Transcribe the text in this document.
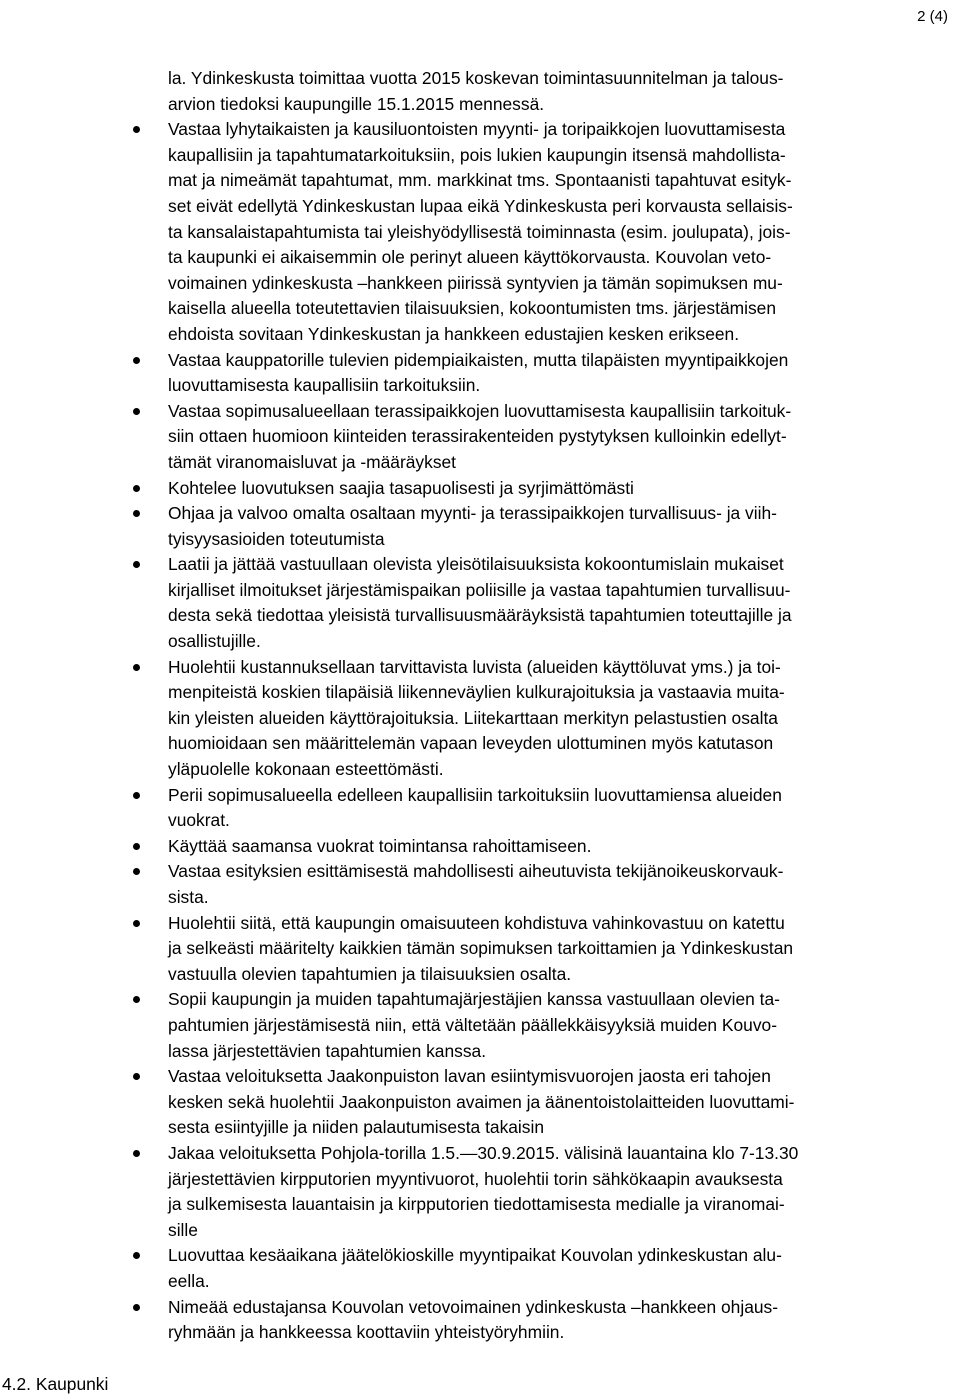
2 (4)
la. Ydinkeskusta toimittaa vuotta 2015 koskevan toimintasuunnitelman ja talous-
arvion tiedoksi kaupungille 15.1.2015 mennessä.
Vastaa lyhytaikaisten ja kausiluontoisten myynti- ja toripaikkojen luovuttamisesta
kaupallisiin ja tapahtumatarkoituksiin, pois lukien kaupungin itsensä mahdollista-
mat ja nimeämät tapahtumat, mm. markkinat tms. Spontaanisti tapahtuvat esityk-
set eivät edellytä Ydinkeskustan lupaa eikä Ydinkeskusta peri korvausta sellaisis-
ta kansalaistapahtumista tai yleishyödyllisestä toiminnasta (esim. joulupata), jois-
ta kaupunki ei aikaisemmin ole perinyt alueen käyttökorvausta. Kouvolan veto-
voimainen ydinkeskusta –hankkeen piirissä syntyvien ja tämän sopimuksen mu-
kaisella alueella toteutettavien tilaisuuksien, kokoontumisten tms. järjestämisen
ehdoista sovitaan Ydinkeskustan ja hankkeen edustajien kesken erikseen.
Vastaa kauppatorille tulevien pidempiaikaisten, mutta tilapäisten myyntipaikkojen
luovuttamisesta kaupallisiin tarkoituksiin.
Vastaa sopimusalueellaan terassipaikkojen luovuttamisesta kaupallisiin tarkoituk-
siin ottaen huomioon kiinteiden terassirakenteiden pystytyksen kulloinkin edellyt-
tämät viranomaisluvat ja -määräykset
Kohtelee luovutuksen saajia tasapuolisesti ja syrjimättömästi
Ohjaa ja valvoo omalta osaltaan myynti- ja terassipaikkojen turvallisuus- ja viih-
tyisyysasioiden toteutumista
Laatii ja jättää vastuullaan olevista yleisötilaisuuksista kokoontumislain mukaiset
kirjalliset ilmoitukset järjestämispaikan poliisille ja vastaa tapahtumien turvallisuu-
desta sekä tiedottaa yleisistä turvallisuusmääräyksistä tapahtumien toteuttajille ja
osallistujille.
Huolehtii kustannuksellaan tarvittavista luvista (alueiden käyttöluvat yms.) ja toi-
menpiteistä koskien tilapäisiä liikenneväylien kulkurajoituksia ja vastaavia muita-
kin yleisten alueiden käyttörajoituksia. Liitekarttaan merkityn pelastustien osalta
huomioidaan sen määrittelemän vapaan leveyden ulottuminen myös katutason
yläpuolelle kokonaan esteettömästi.
Perii sopimusalueella edelleen kaupallisiin tarkoituksiin luovuttamiensa alueiden
vuokrat.
Käyttää saamansa vuokrat toimintansa rahoittamiseen.
Vastaa esityksien esittämisestä mahdollisesti aiheutuvista tekijänoikeuskorvauk-
sista.
Huolehtii siitä, että kaupungin omaisuuteen kohdistuva vahinkovastuu on katettu
ja selkeästi määritelty kaikkien tämän sopimuksen tarkoittamien ja Ydinkeskustan
vastuulla olevien tapahtumien ja tilaisuuksien osalta.
Sopii kaupungin ja muiden tapahtumajärjestäjien kanssa vastuullaan olevien ta-
pahtumien järjestämisestä niin, että vältetään päällekkäisyyksiä muiden Kouvo-
lassa järjestettävien tapahtumien kanssa.
Vastaa veloituksetta Jaakonpuiston lavan esiintymisvuorojen jaosta eri tahojen
kesken sekä huolehtii Jaakonpuiston avaimen ja äänentoistolaitteiden luovuttami-
sesta esiintyjille ja niiden palautumisesta takaisin
Jakaa veloituksetta Pohjola-torilla 1.5.—30.9.2015. välisinä lauantaina klo 7-13.30
järjestettävien kirpputorien myyntivuorot, huolehtii torin sähkökaapin avauksesta
ja sulkemisesta lauantaisin ja kirpputorien tiedottamisesta medialle ja viranomai-
sille
Luovuttaa kesäaikana jäätelökioskille myyntipaikat Kouvolan ydinkeskustan alu-
eella.
Nimeää edustajansa Kouvolan vetovoimainen ydinkeskusta –hankkeen ohjaus-
ryhmään ja hankkeessa koottaviin yhteistyöryhmiin.
4.2. Kaupunki
